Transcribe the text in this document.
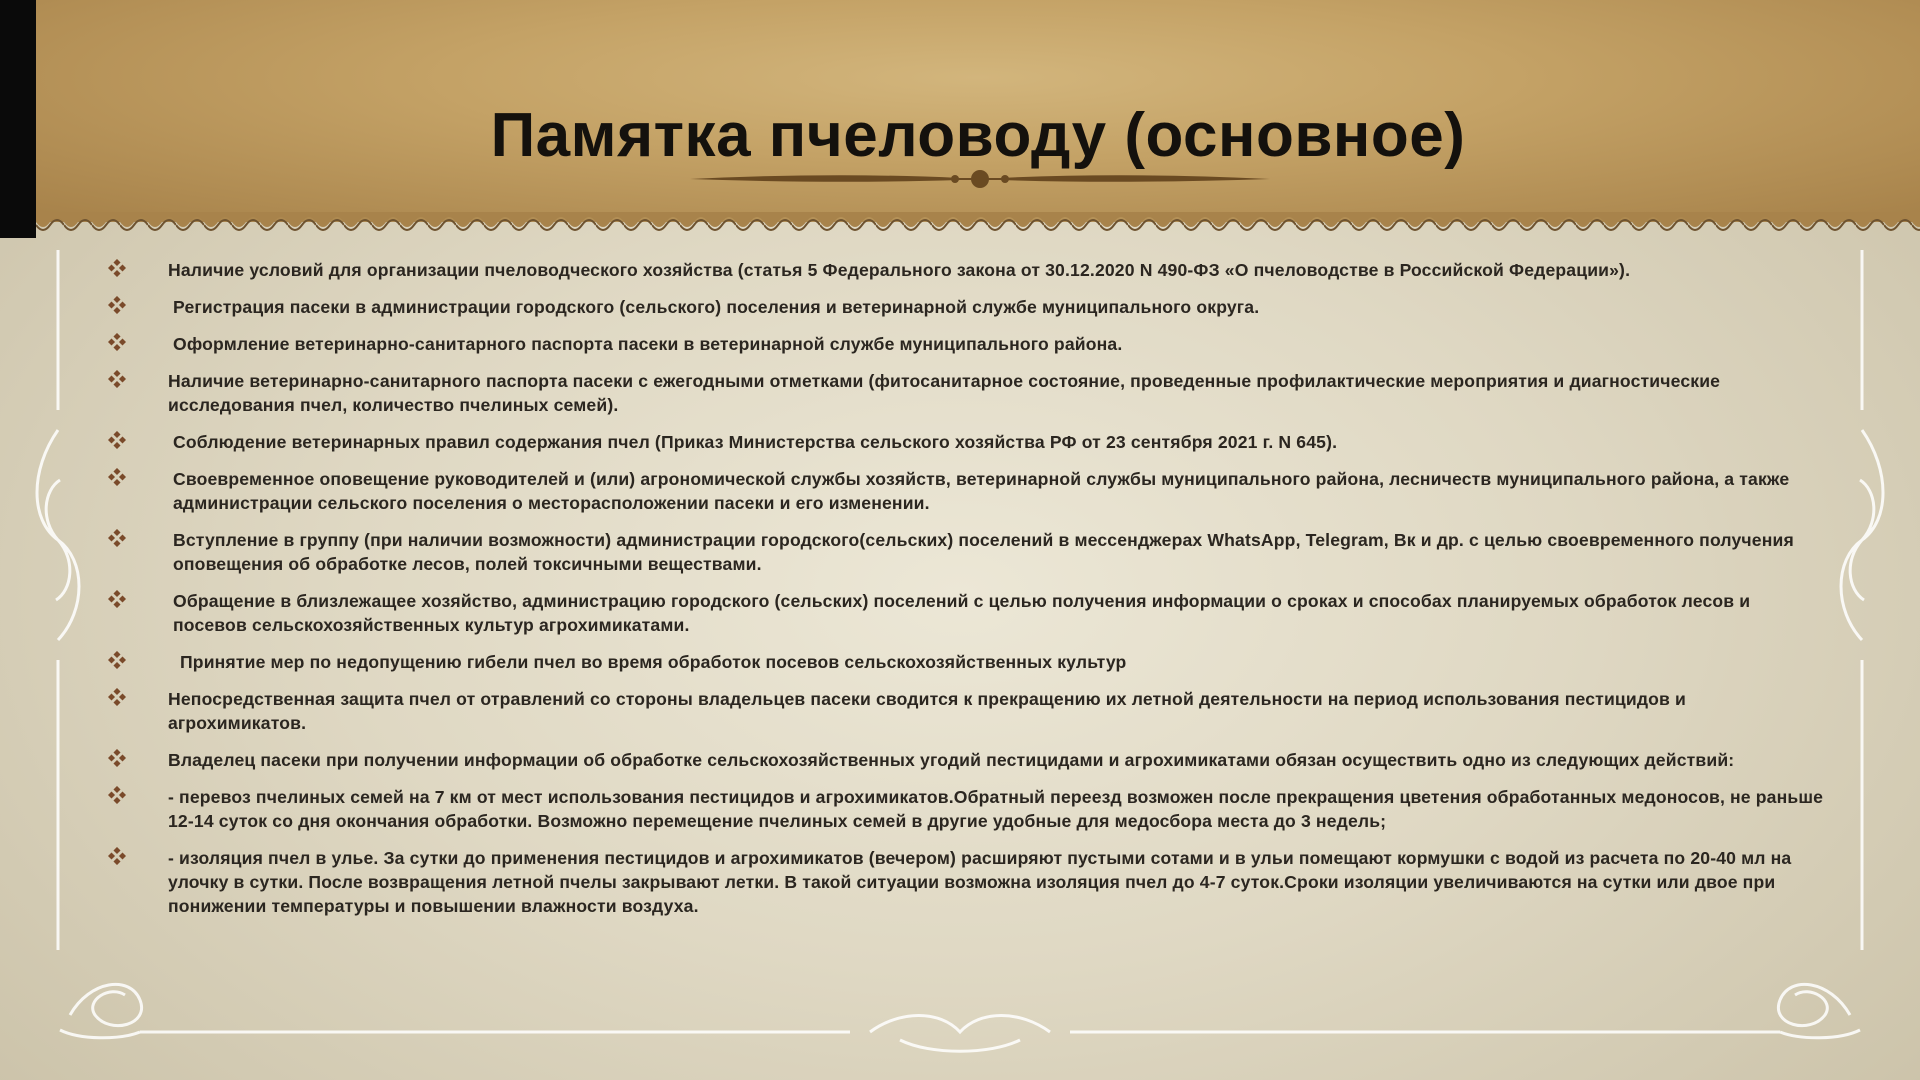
Памятка пчеловоду (основное)
Наличие условий для организации пчеловодческого хозяйства (статья 5 Федерального закона от 30.12.2020 N 490-ФЗ «О пчеловодстве в Российской Федерации»).
Регистрация пасеки в администрации городского (сельского) поселения и ветеринарной службе муниципального округа.
Оформление ветеринарно-санитарного паспорта пасеки в ветеринарной службе муниципального района.
Наличие ветеринарно-санитарного паспорта пасеки с ежегодными отметками (фитосанитарное состояние, проведенные профилактические мероприятия и диагностические исследования пчел, количество пчелиных семей).
Соблюдение ветеринарных правил содержания пчел (Приказ Министерства сельского хозяйства РФ от 23 сентября 2021 г. N 645).
Своевременное оповещение руководителей и (или) агрономической службы хозяйств, ветеринарной службы муниципального района, лесничеств муниципального района, а также администрации сельского поселения о месторасположении пасеки и его изменении.
Вступление в группу (при наличии возможности) администрации городского(сельских) поселений в мессенджерах WhatsApp, Telegram, Вк и др. с целью своевременного получения оповещения об обработке лесов, полей токсичными веществами.
Обращение в близлежащее хозяйство, администрацию городского (сельских) поселений с целью получения информации о сроках и способах планируемых обработок лесов и посевов сельскохозяйственных культур агрохимикатами.
Принятие мер по недопущению гибели пчел во время обработок посевов сельскохозяйственных культур
Непосредственная защита пчел от отравлений со стороны владельцев пасеки сводится к прекращению их летной деятельности на период использования пестицидов и агрохимикатов.
Владелец пасеки при получении информации об обработке сельскохозяйственных угодий пестицидами и агрохимикатами обязан осуществить одно из следующих действий:
- перевоз пчелиных семей на 7 км от мест использования пестицидов и агрохимикатов.Обратный переезд возможен после прекращения цветения обработанных медоносов, не раньше 12-14 суток со дня окончания обработки. Возможно перемещение пчелиных семей в другие удобные для медосбора места до 3 недель;
- изоляция пчел в улье. За сутки до применения пестицидов и агрохимикатов (вечером) расширяют пустыми сотами и в ульи помещают кормушки с водой из расчета по 20-40 мл на улочку в сутки. После возвращения летной пчелы закрывают летки. В такой ситуации возможна изоляция пчел до 4-7 суток.Сроки изоляции увеличиваются на сутки или двое при понижении температуры и повышении влажности воздуха.
